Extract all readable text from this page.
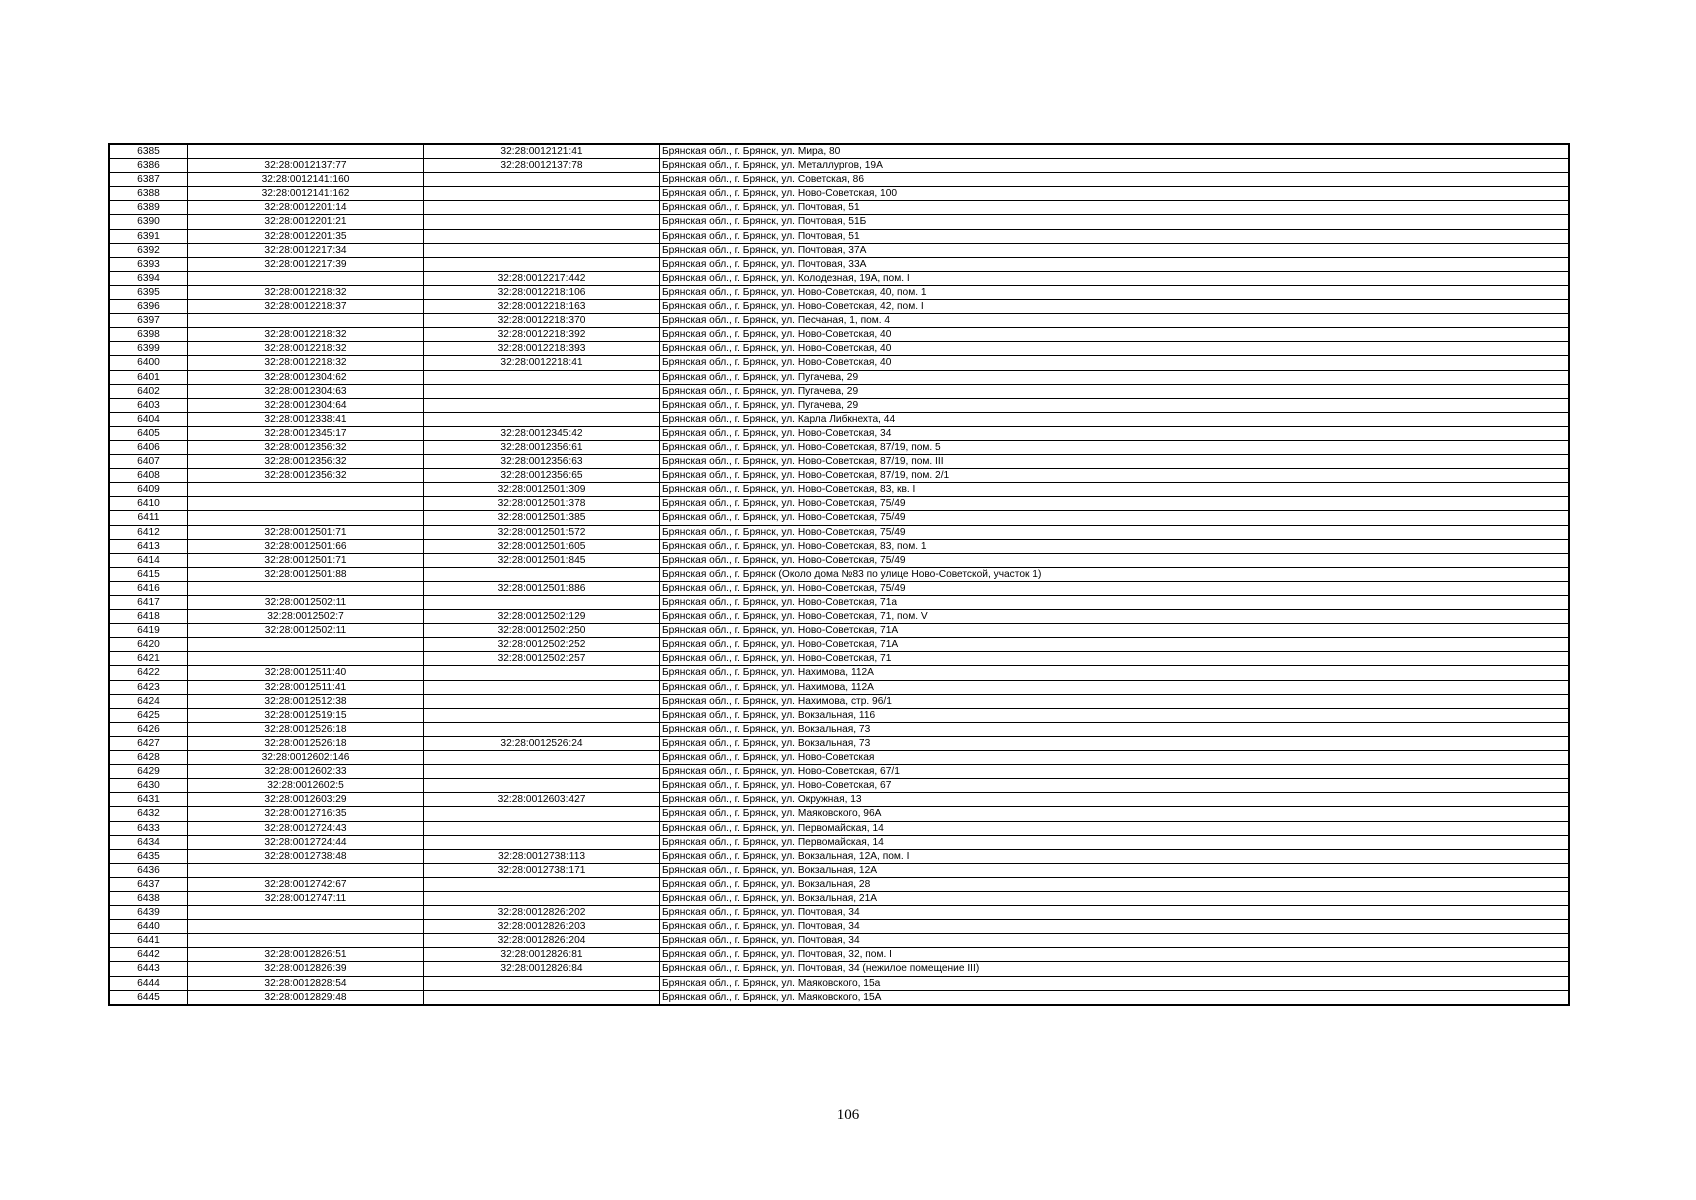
6385		32:28:0012121:41	Брянская обл., г. Брянск, ул. Мира, 80
6386	32:28:0012137:77	32:28:0012137:78	Брянская обл., г. Брянск, ул. Металлургов, 19А
6387	32:28:0012141:160		Брянская обл., г. Брянск, ул. Советская, 86
6388	32:28:0012141:162		Брянская обл., г. Брянск, ул. Ново-Советская, 100
6389	32:28:0012201:14		Брянская обл., г. Брянск, ул. Почтовая, 51
6390	32:28:0012201:21		Брянская обл., г. Брянск, ул. Почтовая, 51Б
6391	32:28:0012201:35		Брянская обл., г. Брянск, ул. Почтовая, 51
6392	32:28:0012217:34		Брянская обл., г. Брянск, ул. Почтовая, 37А
6393	32:28:0012217:39		Брянская обл., г. Брянск, ул. Почтовая, 33А
6394		32:28:0012217:442	Брянская обл., г. Брянск, ул. Колодезная, 19А, пом. I
6395	32:28:0012218:32	32:28:0012218:106	Брянская обл., г. Брянск, ул. Ново-Советская, 40, пом. 1
6396	32:28:0012218:37	32:28:0012218:163	Брянская обл., г. Брянск, ул. Ново-Советская, 42, пом. I
6397		32:28:0012218:370	Брянская обл., г. Брянск, ул. Песчаная, 1, пом. 4
6398	32:28:0012218:32	32:28:0012218:392	Брянская обл., г. Брянск, ул. Ново-Советская, 40
6399	32:28:0012218:32	32:28:0012218:393	Брянская обл., г. Брянск, ул. Ново-Советская, 40
6400	32:28:0012218:32	32:28:0012218:41	Брянская обл., г. Брянск, ул. Ново-Советская, 40
6401	32:28:0012304:62		Брянская обл., г. Брянск, ул. Пугачева, 29
6402	32:28:0012304:63		Брянская обл., г. Брянск, ул. Пугачева, 29
6403	32:28:0012304:64		Брянская обл., г. Брянск, ул. Пугачева, 29
6404	32:28:0012338:41		Брянская обл., г. Брянск, ул. Карла Либкнехта, 44
6405	32:28:0012345:17	32:28:0012345:42	Брянская обл., г. Брянск, ул. Ново-Советская, 34
6406	32:28:0012356:32	32:28:0012356:61	Брянская обл., г. Брянск, ул. Ново-Советская, 87/19, пом. 5
6407	32:28:0012356:32	32:28:0012356:63	Брянская обл., г. Брянск, ул. Ново-Советская, 87/19, пом. III
6408	32:28:0012356:32	32:28:0012356:65	Брянская обл., г. Брянск, ул. Ново-Советская, 87/19, пом. 2/1
6409		32:28:0012501:309	Брянская обл., г. Брянск, ул. Ново-Советская, 83, кв. I
6410		32:28:0012501:378	Брянская обл., г. Брянск, ул. Ново-Советская, 75/49
6411		32:28:0012501:385	Брянская обл., г. Брянск, ул. Ново-Советская, 75/49
6412	32:28:0012501:71	32:28:0012501:572	Брянская обл., г. Брянск, ул. Ново-Советская, 75/49
6413	32:28:0012501:66	32:28:0012501:605	Брянская обл., г. Брянск, ул. Ново-Советская, 83, пом. 1
6414	32:28:0012501:71	32:28:0012501:845	Брянская обл., г. Брянск, ул. Ново-Советская, 75/49
6415	32:28:0012501:88		Брянская обл., г. Брянск (Около дома №83 по улице Ново-Советской, участок 1)
6416		32:28:0012501:886	Брянская обл., г. Брянск, ул. Ново-Советская, 75/49
6417	32:28:0012502:11		Брянская обл., г. Брянск, ул. Ново-Советская, 71а
6418	32:28:0012502:7	32:28:0012502:129	Брянская обл., г. Брянск, ул. Ново-Советская, 71, пом. V
6419	32:28:0012502:11	32:28:0012502:250	Брянская обл., г. Брянск, ул. Ново-Советская, 71А
6420		32:28:0012502:252	Брянская обл., г. Брянск, ул. Ново-Советская, 71А
6421		32:28:0012502:257	Брянская обл., г. Брянск, ул. Ново-Советская, 71
6422	32:28:0012511:40		Брянская обл., г. Брянск, ул. Нахимова, 112А
6423	32:28:0012511:41		Брянская обл., г. Брянск, ул. Нахимова, 112А
6424	32:28:0012512:38		Брянская обл., г. Брянск, ул. Нахимова, стр. 96/1
6425	32:28:0012519:15		Брянская обл., г. Брянск, ул. Вокзальная, 116
6426	32:28:0012526:18		Брянская обл., г. Брянск, ул. Вокзальная, 73
6427	32:28:0012526:18	32:28:0012526:24	Брянская обл., г. Брянск, ул. Вокзальная, 73
6428	32:28:0012602:146		Брянская обл., г. Брянск, ул. Ново-Советская
6429	32:28:0012602:33		Брянская обл., г. Брянск, ул. Ново-Советская, 67/1
6430	32:28:0012602:5		Брянская обл., г. Брянск, ул. Ново-Советская, 67
6431	32:28:0012603:29	32:28:0012603:427	Брянская обл., г. Брянск, ул. Окружная, 13
6432	32:28:0012716:35		Брянская обл., г. Брянск, ул. Маяковского, 96А
6433	32:28:0012724:43		Брянская обл., г. Брянск, ул. Первомайская, 14
6434	32:28:0012724:44		Брянская обл., г. Брянск, ул. Первомайская, 14
6435	32:28:0012738:48	32:28:0012738:113	Брянская обл., г. Брянск, ул. Вокзальная, 12А, пом. I
6436		32:28:0012738:171	Брянская обл., г. Брянск, ул. Вокзальная, 12А
6437	32:28:0012742:67		Брянская обл., г. Брянск, ул. Вокзальная, 28
6438	32:28:0012747:11		Брянская обл., г. Брянск, ул. Вокзальная, 21А
6439		32:28:0012826:202	Брянская обл., г. Брянск, ул. Почтовая, 34
6440		32:28:0012826:203	Брянская обл., г. Брянск, ул. Почтовая, 34
6441		32:28:0012826:204	Брянская обл., г. Брянск, ул. Почтовая, 34
6442	32:28:0012826:51	32:28:0012826:81	Брянская обл., г. Брянск, ул. Почтовая, 32, пом. I
6443	32:28:0012826:39	32:28:0012826:84	Брянская обл., г. Брянск, ул. Почтовая, 34 (нежилое помещение III)
6444	32:28:0012828:54		Брянская обл., г. Брянск, ул. Маяковского, 15а
6445	32:28:0012829:48		Брянская обл., г. Брянск, ул. Маяковского, 15А
106
